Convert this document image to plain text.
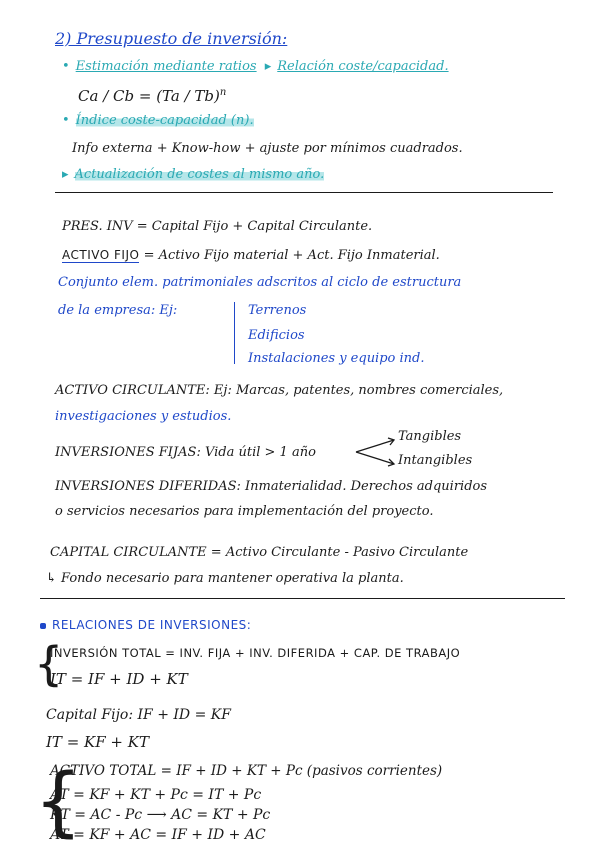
2) Presupuesto de inversión:
• Estimación mediante ratios ▸ Relación coste/capacidad.
Ca / Cb = (Ta / Tb)$^n$
• Índice coste-capacidad (n).
Info externa + Know-how + ajuste por mínimos cuadrados.
▸ Actualización de costes al mismo año.
PRES. INV = Capital Fijo + Capital Circulante.
ACTIVO FIJO = Activo Fijo material + Act. Fijo Inmaterial.
Conjunto elem. patrimoniales adscritos al ciclo de estructura
de la empresa: Ej:	Terrenos
Edificios
Instalaciones y equipo ind.
ACTIVO CIRCULANTE: Ej: Marcas, patentes, nombres comerciales,
investigaciones y estudios.
INVERSIONES FIJAS: Vida útil > 1 año
Tangibles
Intangibles
INVERSIONES DIFERIDAS: Inmaterialidad. Derechos adquiridos
o servicios necesarios para implementación del proyecto.
CAPITAL CIRCULANTE = Activo Circulante - Pasivo Circulante
↳ Fondo necesario para mantener operativa la planta.
RELACIONES DE INVERSIONES:
{
INVERSIÓN TOTAL = INV. FIJA + INV. DIFERIDA + CAP. DE TRABAJO
IT = IF + ID + KT
Capital Fijo: IF + ID = KF
IT = KF + KT
{
ACTIVO TOTAL = IF + ID + KT + Pc (pasivos corrientes)
AT = KF + KT + Pc = IT + Pc
KT = AC - Pc ⟶ AC = KT + Pc
AT = KF + AC = IF + ID + AC
